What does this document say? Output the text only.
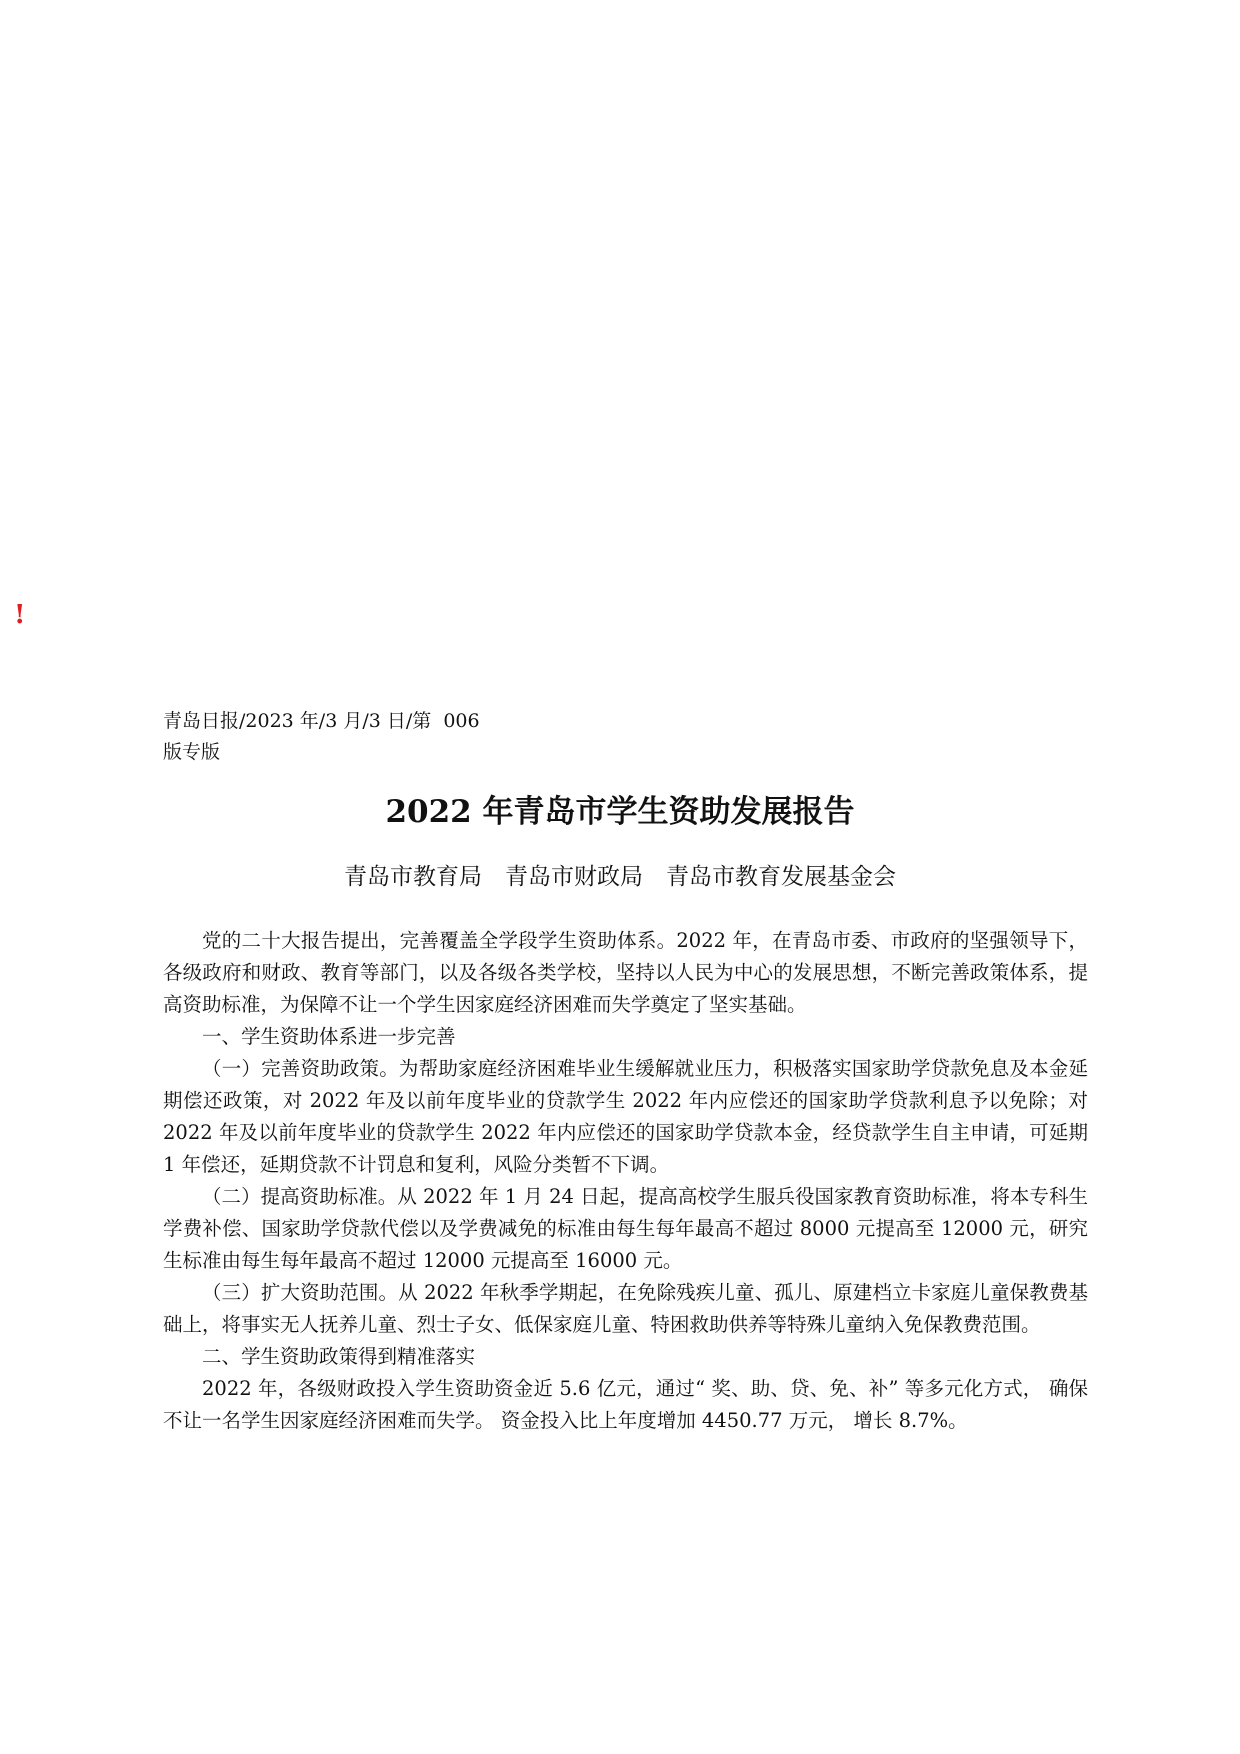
!
青岛日报/2023 年/3 月/3 日/第  006
版专版
2022 年青岛市学生资助发展报告
青岛市教育局　青岛市财政局　青岛市教育发展基金会

党的二十大报告提出，完善覆盖全学段学生资助体系。2022 年，在青岛市委、市政府的坚强领导下，各级政府和财政、教育等部门，以及各级各类学校，坚持以人民为中心的发展思想，不断完善政策体系，提高资助标准，为保障不让一个学生因家庭经济困难而失学奠定了坚实基础。

一、学生资助体系进一步完善

（一）完善资助政策。为帮助家庭经济困难毕业生缓解就业压力，积极落实国家助学贷款免息及本金延期偿还政策，对 2022 年及以前年度毕业的贷款学生 2022 年内应偿还的国家助学贷款利息予以免除；对 2022 年及以前年度毕业的贷款学生 2022 年内应偿还的国家助学贷款本金，经贷款学生自主申请，可延期 1 年偿还，延期贷款不计罚息和复利，风险分类暂不下调。

（二）提高资助标准。从 2022 年 1 月 24 日起，提高高校学生服兵役国家教育资助标准，将本专科生学费补偿、国家助学贷款代偿以及学费减免的标准由每生每年最高不超过 8000 元提高至 12000 元，研究生标准由每生每年最高不超过 12000 元提高至 16000 元。

（三）扩大资助范围。从 2022 年秋季学期起，在免除残疾儿童、孤儿、原建档立卡家庭儿童保教费基础上，将事实无人抚养儿童、烈士子女、低保家庭儿童、特困救助供养等特殊儿童纳入免保教费范围。

二、学生资助政策得到精准落实

2022 年，各级财政投入学生资助资金近 5.6 亿元，通过“ 奖、助、贷、免、补” 等多元化方式， 确保不让一名学生因家庭经济困难而失学。 资金投入比上年度增加 4450.77 万元， 增长 8.7%。
